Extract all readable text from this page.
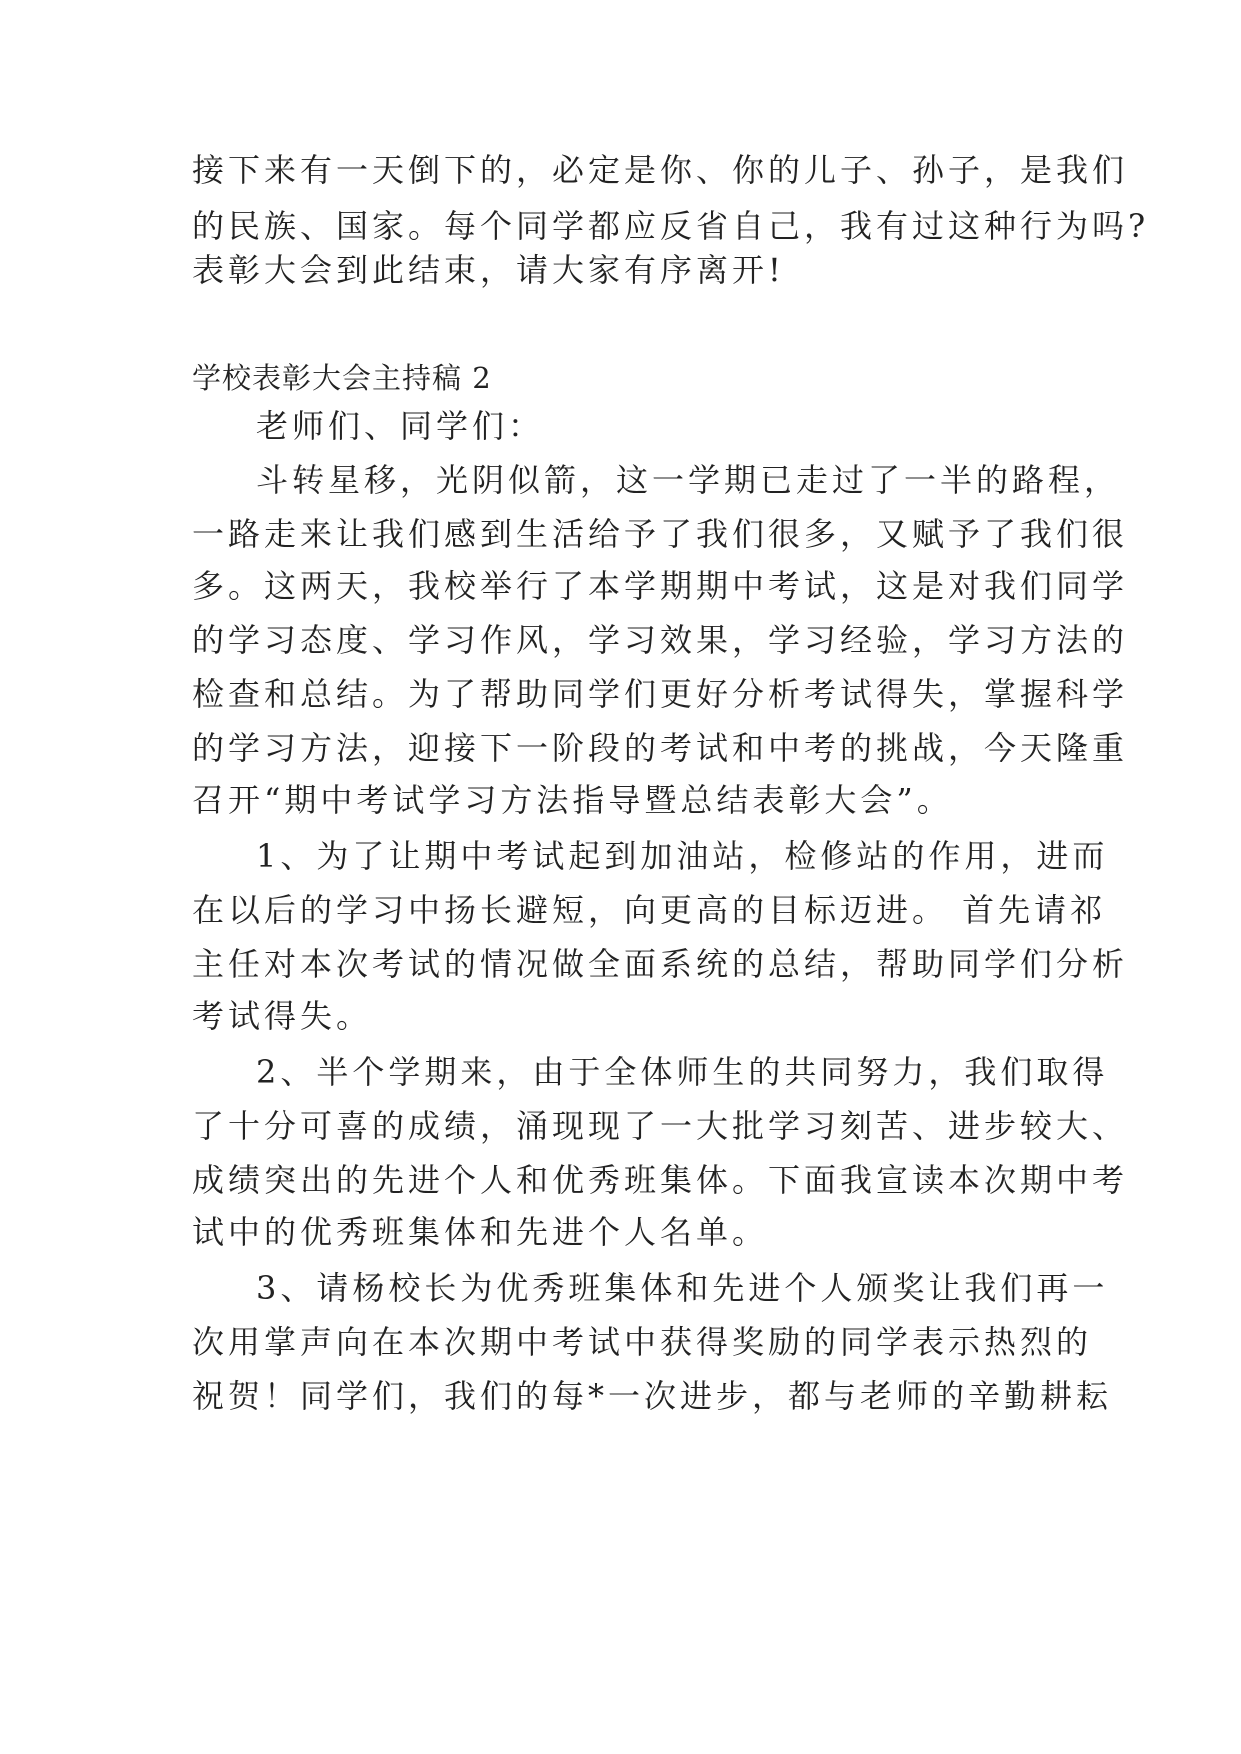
接下来有一天倒下的，必定是你、你的儿子、孙子，是我们
的民族、国家。每个同学都应反省自己，我有过这种行为吗?
表彰大会到此结束，请大家有序离开!
学校表彰大会主持稿 2
老师们、同学们：
斗转星移，光阴似箭，这一学期已走过了一半的路程，
一路走来让我们感到生活给予了我们很多，又赋予了我们很
多。这两天，我校举行了本学期期中考试，这是对我们同学
的学习态度、学习作风，学习效果，学习经验，学习方法的
检查和总结。为了帮助同学们更好分析考试得失，掌握科学
的学习方法，迎接下一阶段的考试和中考的挑战，今天隆重
召开“期中考试学习方法指导暨总结表彰大会”。
1、为了让期中考试起到加油站，检修站的作用，进而
在以后的学习中扬长避短，向更高的目标迈进。 首先请祁
主任对本次考试的情况做全面系统的总结，帮助同学们分析
考试得失。
2、半个学期来，由于全体师生的共同努力，我们取得
了十分可喜的成绩，涌现现了一大批学习刻苦、进步较大、
成绩突出的先进个人和优秀班集体。下面我宣读本次期中考
试中的优秀班集体和先进个人名单。
3、请杨校长为优秀班集体和先进个人颁奖让我们再一
次用掌声向在本次期中考试中获得奖励的同学表示热烈的
祝贺！同学们，我们的每*一次进步，都与老师的辛勤耕耘
